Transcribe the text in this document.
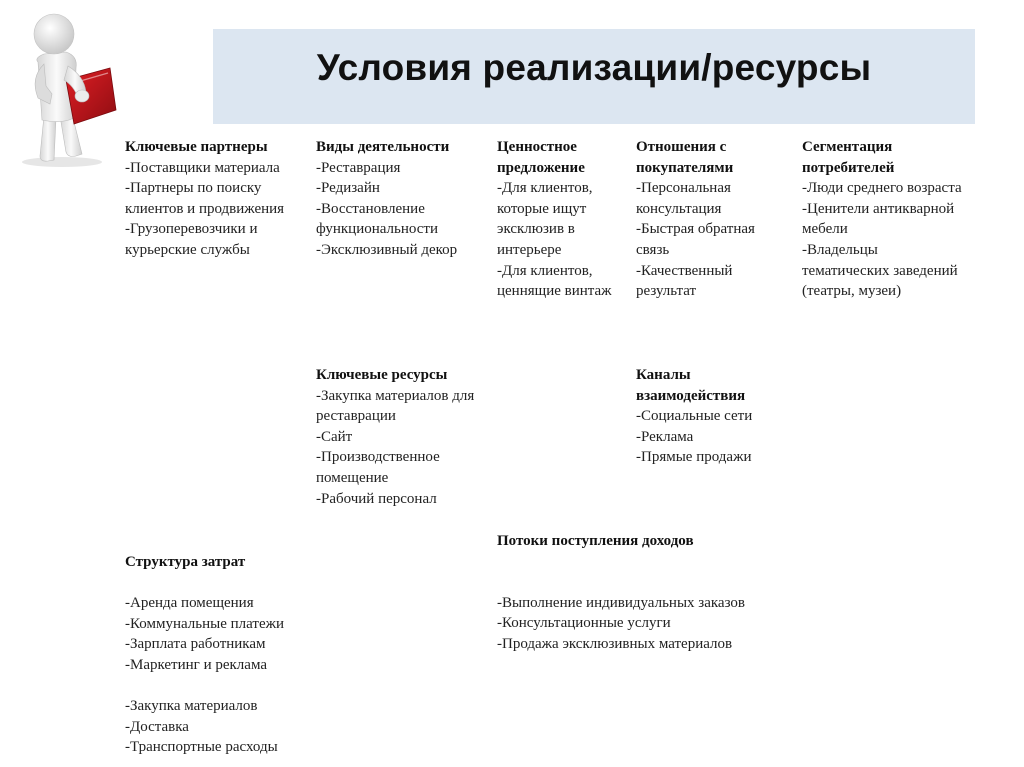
Условия реализации/ресурсы
Ключевые партнеры
-Поставщики материала
-Партнеры по поиску клиентов и продвижения
-Грузоперевозчики и курьерские службы
Виды деятельности
-Реставрация
-Редизайн
-Восстановление функциональности
-Эксклюзивный декор
Ценностное предложение
-Для клиентов, которые ищут эксклюзив в интерьере
-Для клиентов, ценнящие винтаж
Отношения с покупателями
-Персональная консультация
-Быстрая обратная связь
-Качественный результат
Сегментация потребителей
-Люди среднего возраста
-Ценители антикварной мебели
-Владельцы тематических заведений (театры, музеи)
Ключевые ресурсы
-Закупка материалов для реставрации
-Сайт
-Производственное помещение
-Рабочий персонал
Каналы взаимодействия
-Социальные сети
-Реклама
-Прямые продажи
Потоки поступления доходов
-Выполнение индивидуальных заказов
-Консультационные услуги
-Продажа эксклюзивных материалов
Структура затрат
-Аренда помещения
-Коммунальные платежи
-Зарплата работникам
-Маркетинг и реклама
-Закупка материалов
-Доставка
-Транспортные расходы
